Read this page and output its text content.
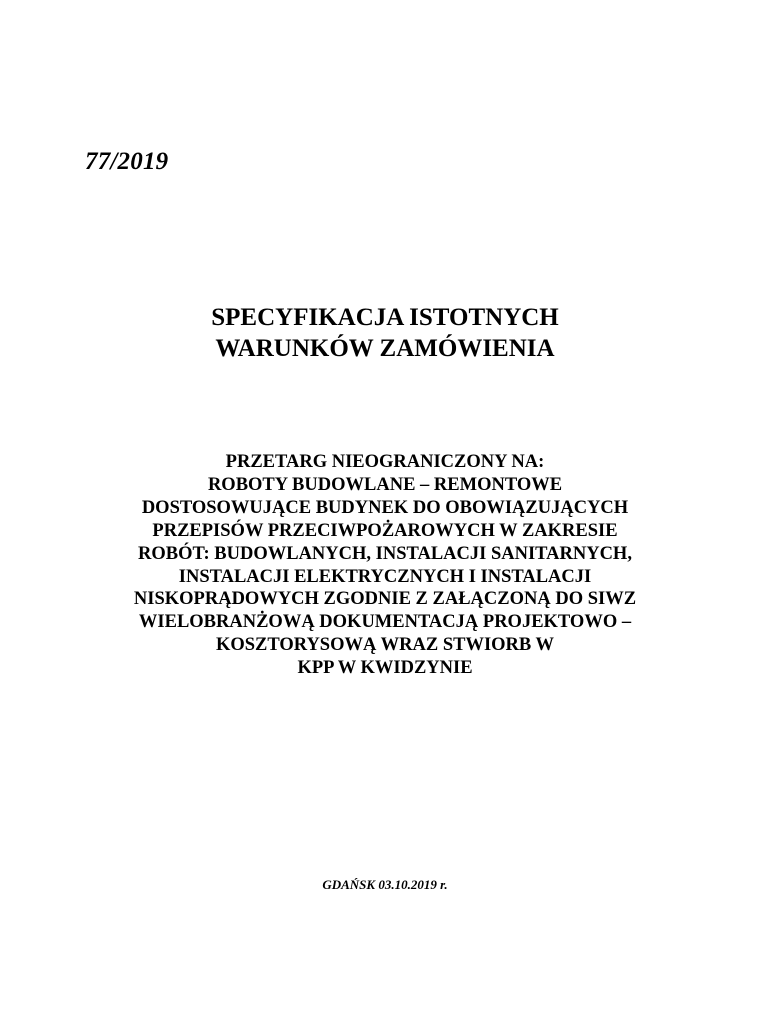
77/2019
SPECYFIKACJA ISTOTNYCH
WARUNKÓW ZAMÓWIENIA
PRZETARG NIEOGRANICZONY NA:
ROBOTY BUDOWLANE – REMONTOWE
DOSTOSOWUJĄCE BUDYNEK DO OBOWIĄZUJĄCYCH
PRZEPISÓW PRZECIWPOŻAROWYCH W ZAKRESIE
ROBÓT: BUDOWLANYCH, INSTALACJI SANITARNYCH,
INSTALACJI ELEKTRYCZNYCH I INSTALACJI
NISKOPRĄDOWYCH ZGODNIE Z ZAŁĄCZONĄ DO SIWZ
WIELOBRANŻOWĄ DOKUMENTACJĄ PROJEKTOWO –
KOSZTORYSOWĄ WRAZ STWIORB W
KPP W KWIDZYNIE
GDAŃSK 03.10.2019 r.
